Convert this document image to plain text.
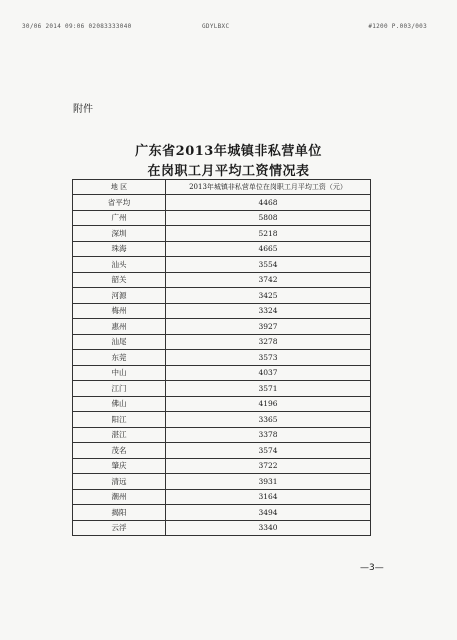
30/06 2014 09:06 02083333040	GDYLBXC	#1200 P.003/003
附件
广东省2013年城镇非私营单位
在岗职工月平均工资情况表
地 区	2013年城镇非私营单位在岗职工月平均工资（元）
省平均	4468
广州	5808
深圳	5218
珠海	4665
汕头	3554
韶关	3742
河源	3425
梅州	3324
惠州	3927
汕尾	3278
东莞	3573
中山	4037
江门	3571
佛山	4196
阳江	3365
湛江	3378
茂名	3574
肇庆	3722
清远	3931
潮州	3164
揭阳	3494
云浮	3340
—3—
